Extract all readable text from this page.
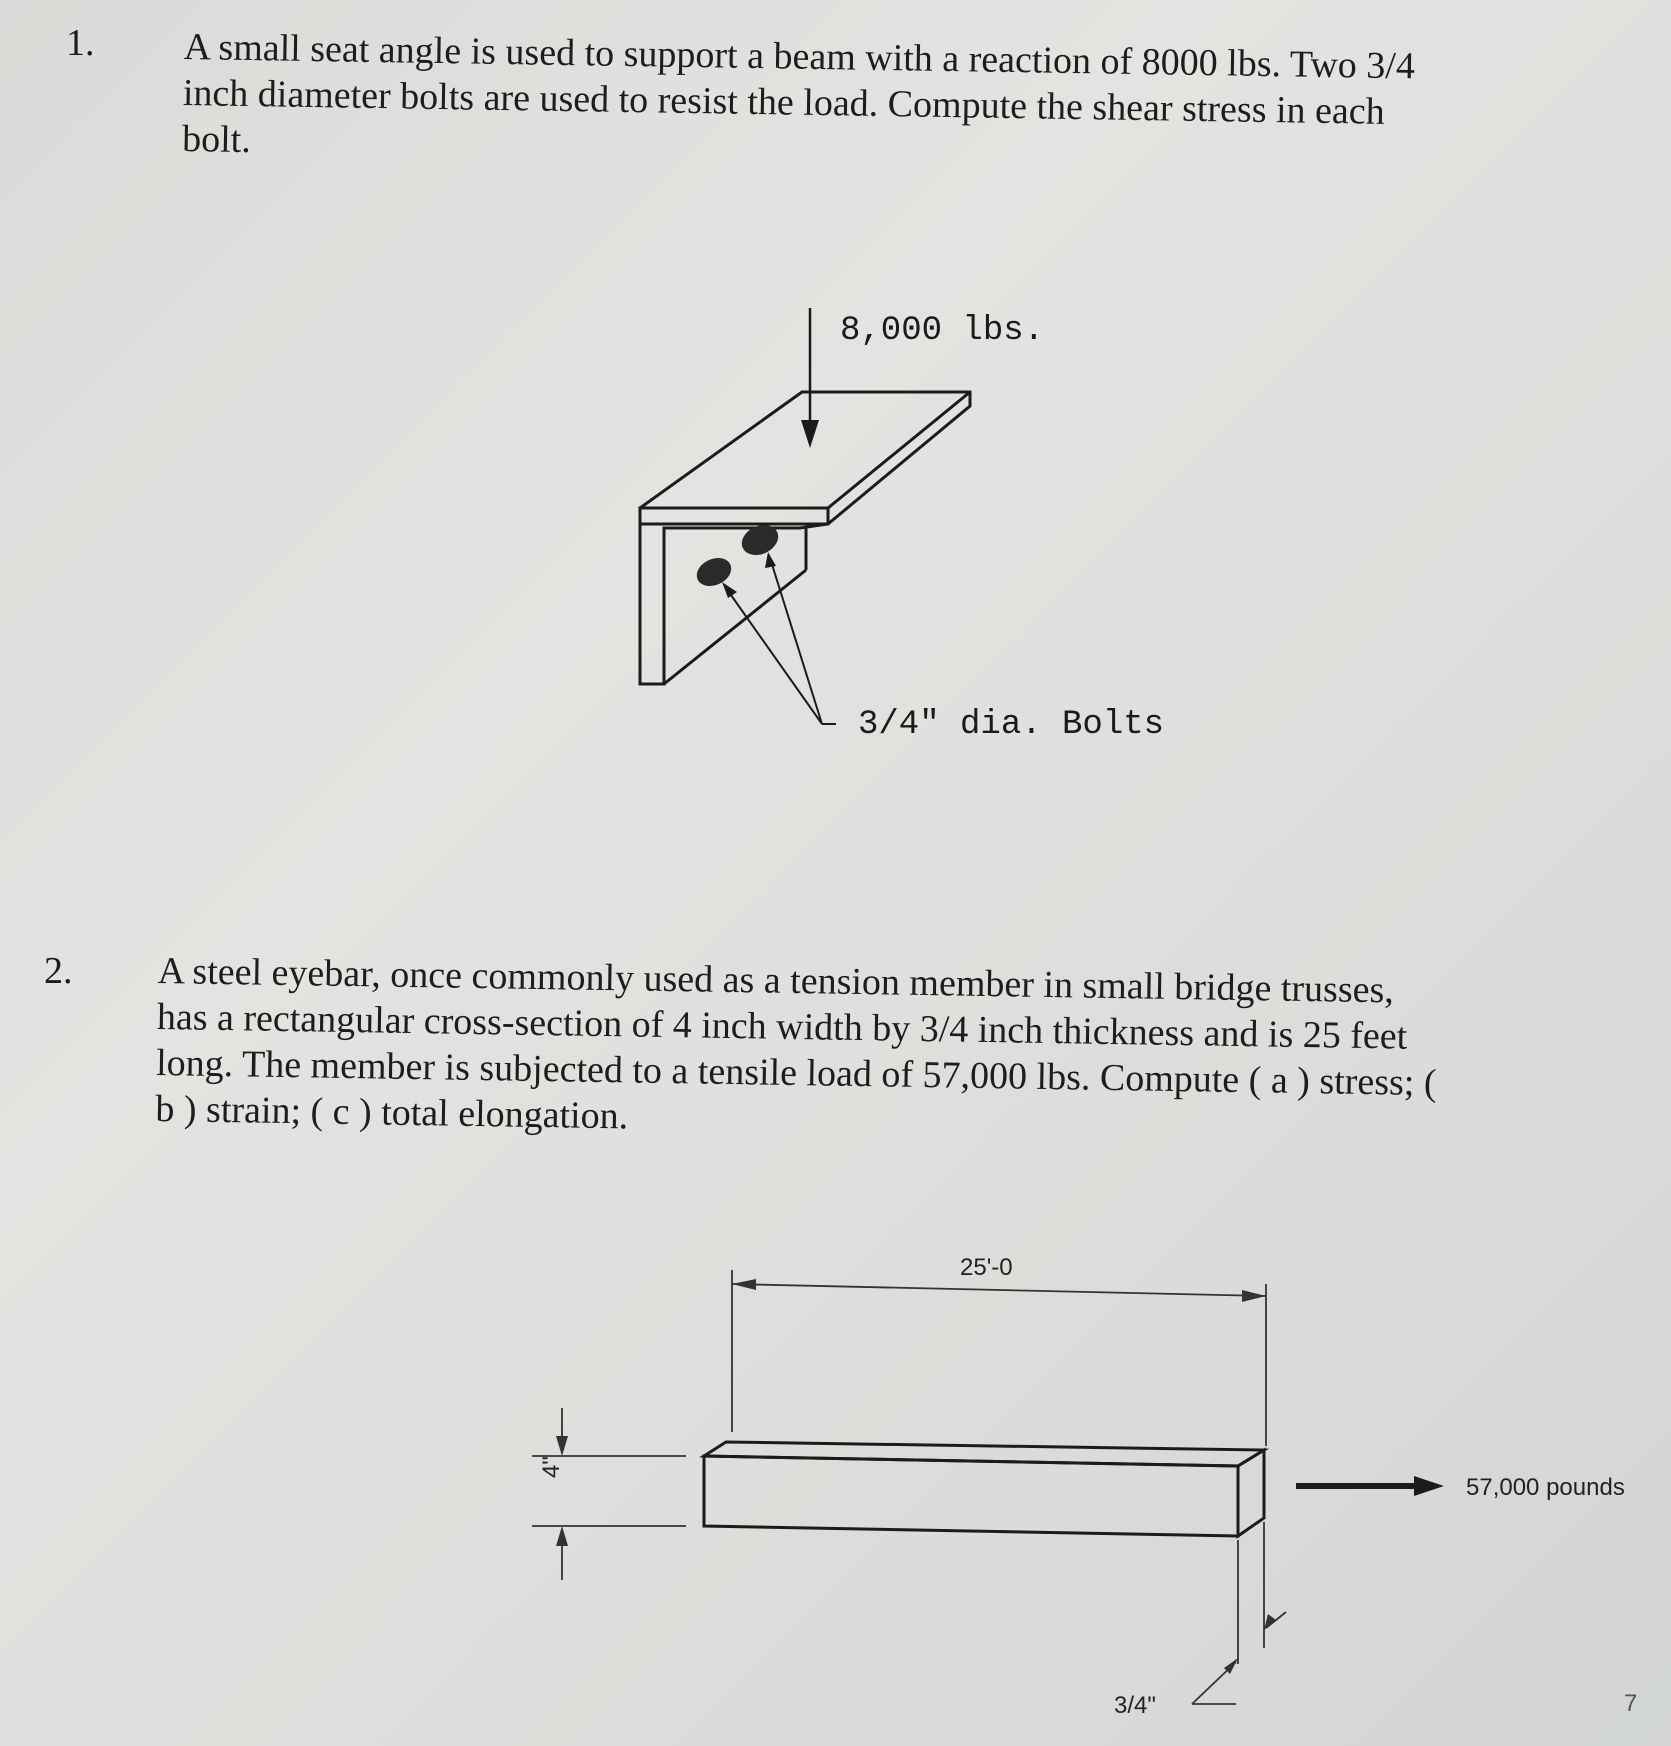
1. A small seat angle is used to support a beam with a reaction of 8000 lbs. Two 3/4 inch diameter bolts are used to resist the load. Compute the shear stress in each bolt.

8,000 lbs.
3/4" dia. Bolts
2. A steel eyebar, once commonly used as a tension member in small bridge trusses, has a rectangular cross-section of 4 inch width by 3/4 inch thickness and is 25 feet long. The member is subjected to a tensile load of 57,000 lbs. Compute ( a ) stress; ( b ) strain; ( c ) total elongation.

25'-0
4"
3/4"
57,000 pounds
7
